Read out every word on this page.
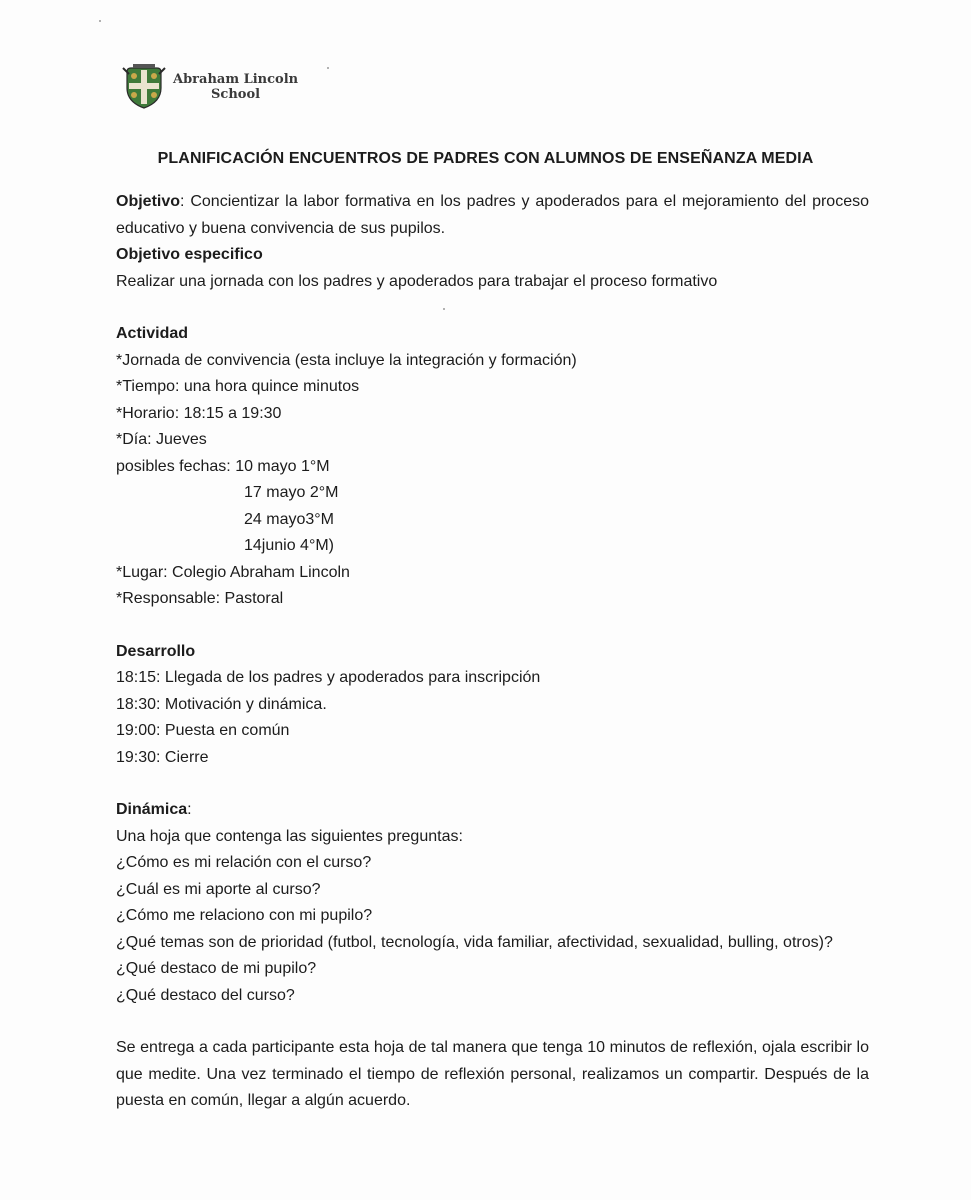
Abraham Lincoln
School
PLANIFICACIÓN ENCUENTROS DE PADRES CON ALUMNOS DE ENSEÑANZA MEDIA

Objetivo: Concientizar la labor formativa en los padres y apoderados para el mejoramiento del proceso educativo y buena convivencia de sus pupilos.

Objetivo especifico

Realizar una jornada con los padres y apoderados para trabajar el proceso formativo

Actividad

*Jornada de convivencia (esta incluye la integración y formación)

*Tiempo: una hora quince minutos

*Horario: 18:15 a 19:30

*Día: Jueves

posibles fechas: 10 mayo 1°M

17 mayo 2°M

24 mayo3°M

14junio 4°M)

*Lugar: Colegio Abraham Lincoln

*Responsable: Pastoral

Desarrollo

18:15: Llegada de los padres y apoderados para inscripción

18:30: Motivación y dinámica.

19:00: Puesta en común

19:30: Cierre

Dinámica:

Una hoja que contenga las siguientes preguntas:

¿Cómo es mi relación con el curso?

¿Cuál es mi aporte al curso?

¿Cómo me relaciono con mi pupilo?

¿Qué temas son de prioridad (futbol, tecnología, vida familiar, afectividad, sexualidad, bulling, otros)?

¿Qué destaco de mi pupilo?

¿Qué destaco del curso?

Se entrega a cada participante esta hoja de tal manera que tenga 10 minutos de reflexión, ojala escribir lo que medite. Una vez terminado el tiempo de reflexión personal, realizamos un compartir. Después de la puesta en común, llegar a algún acuerdo.
